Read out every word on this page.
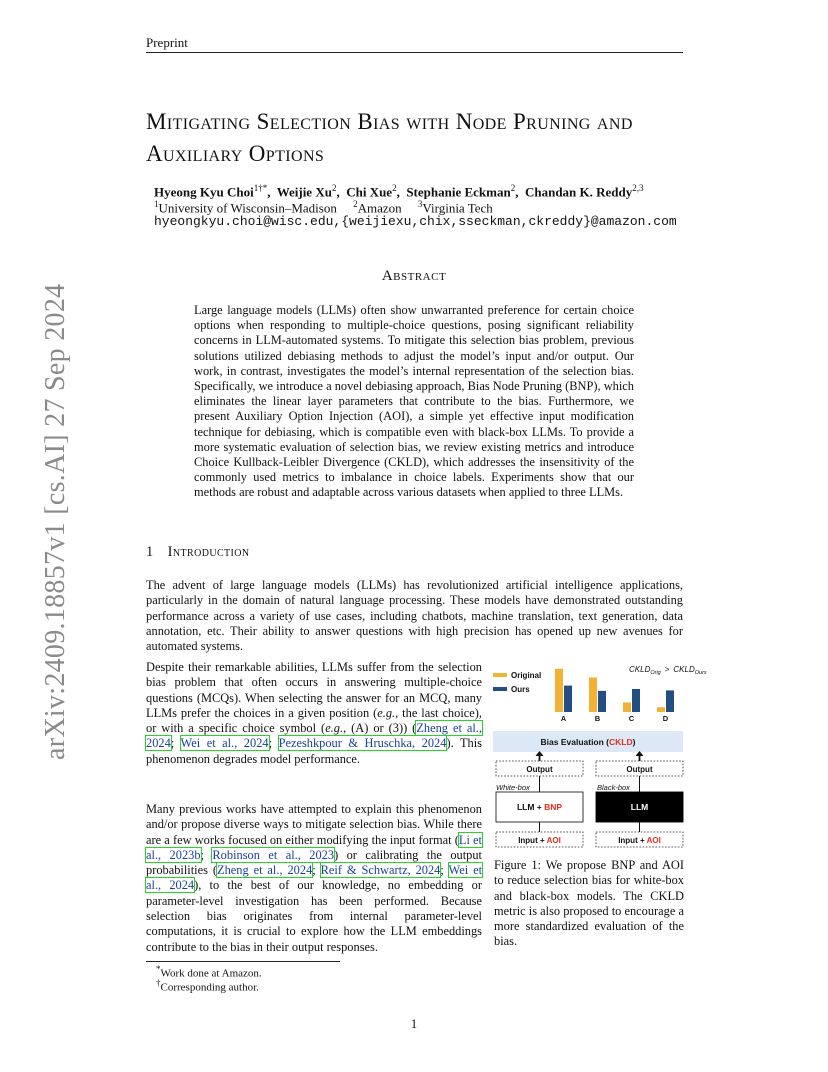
Preprint
arXiv:2409.18857v1 [cs.AI] 27 Sep 2024
Mitigating Selection Bias with Node Pruning and Auxiliary Options
Hyeong Kyu Choi$^{1\dagger*}$,  Weijie Xu$^2$,  Chi Xue$^2$,  Stephanie Eckman$^2$,  Chandan K. Reddy$^{2,3}$
$^1$University of Wisconsin–Madison $^2$Amazon $^3$Virginia Tech
hyeongkyu.choi@wisc.edu,{weijiexu,chix,sseckman,ckreddy}@amazon.com
Abstract
Large language models (LLMs) often show unwarranted preference for certain choice options when responding to multiple-choice questions, posing significant reliability concerns in LLM-automated systems. To mitigate this selection bias problem, previous solutions utilized debiasing methods to adjust the model’s input and/or output. Our work, in contrast, investigates the model’s internal representation of the selection bias. Specifically, we introduce a novel debiasing approach, Bias Node Pruning (BNP), which eliminates the linear layer parameters that contribute to the bias. Furthermore, we present Auxiliary Option Injection (AOI), a simple yet effective input modification technique for debiasing, which is compatible even with black-box LLMs. To provide a more systematic evaluation of selection bias, we review existing metrics and introduce Choice Kullback-Leibler Divergence (CKLD), which addresses the insensitivity of the commonly used metrics to imbalance in choice labels. Experiments show that our methods are robust and adaptable across various datasets when applied to three LLMs.
1 Introduction
The advent of large language models (LLMs) has revolutionized artificial intelligence applications, particularly in the domain of natural language processing. These models have demonstrated outstanding performance across a variety of use cases, including chatbots, machine translation, text generation, data annotation, etc. Their ability to answer questions with high precision has opened up new avenues for automated systems.
Despite their remarkable abilities, LLMs suffer from the selection bias problem that often occurs in answering multiple-choice questions (MCQs). When selecting the answer for an MCQ, many LLMs prefer the choices in a given position (e.g., the last choice), or with a specific choice symbol (e.g., (A) or (3)) (Zheng et al., 2024; Wei et al., 2024; Pezeshkpour & Hruschka, 2024). This phenomenon degrades model performance.
Many previous works have attempted to explain this phenomenon and/or propose diverse ways to mitigate selection bias. While there are a few works focused on either modifying the input format (Li et al., 2023b; Robinson et al., 2023) or calibrating the output probabilities (Zheng et al., 2024; Reif & Schwartz, 2024; Wei et al., 2024), to the best of our knowledge, no embedding or parameter-level investigation has been performed. Because selection bias originates from internal parameter-level computations, it is crucial to explore how the LLM embeddings contribute to the bias in their output responses.
Original
Ours
$CKLD_{Orig}$ > $CKLD_{Ours}$
A	B	C	D
Bias Evaluation (CKLD)
Output	Output
White-box	Black-box
LLM + BNP	LLM
Input + AOI	Input + AOI
Figure 1: We propose BNP and AOI to reduce selection bias for white-box and black-box models. The CKLD metric is also proposed to encourage a more standardized evaluation of the bias.
*Work done at Amazon.
†Corresponding author.
1
